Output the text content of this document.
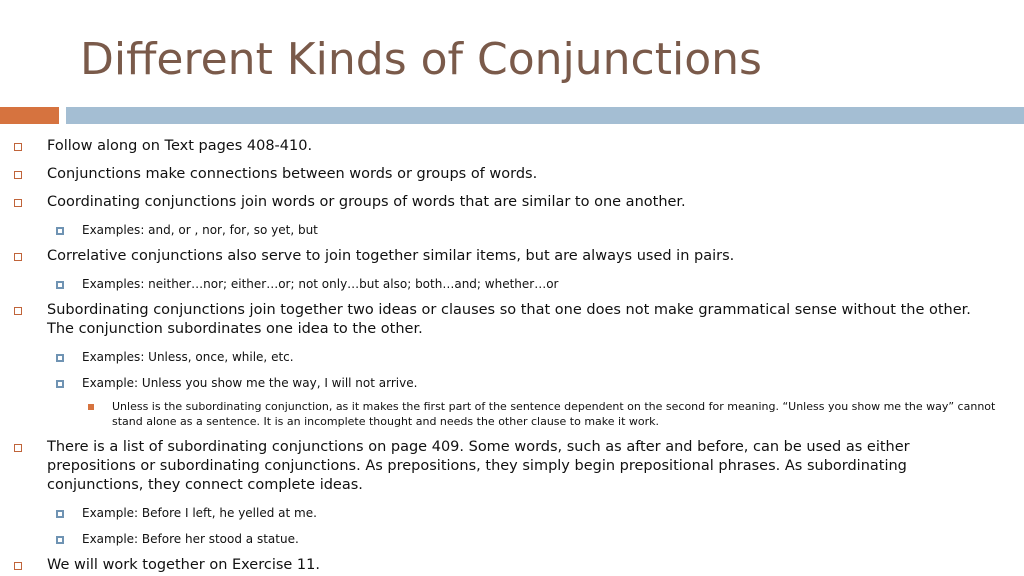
Different Kinds of Conjunctions
Follow along on Text pages 408-410.
Conjunctions make connections between words or groups of words.
Coordinating conjunctions join words or groups of words that are similar to one another.
Examples: and, or , nor, for, so yet, but
Correlative conjunctions also serve to join together similar items, but are always used in pairs.
Examples: neither…nor; either…or; not only…but also; both…and; whether…or
Subordinating conjunctions join together two ideas or clauses so that one does not make grammatical sense without the other. The conjunction subordinates one idea to the other.
Examples: Unless, once, while, etc.
Example: Unless you show me the way, I will not arrive.
Unless is the subordinating conjunction, as it makes the first part of the sentence dependent on the second for meaning. “Unless you show me the way” cannot stand alone as a sentence. It is an incomplete thought and needs the other clause to make it work.
There is a list of subordinating conjunctions on page 409. Some words, such as after and before, can be used as either prepositions or subordinating conjunctions. As prepositions, they simply begin prepositional phrases. As subordinating conjunctions, they connect complete ideas.
Example: Before I left, he yelled at me.
Example: Before her stood a statue.
We will work together on Exercise 11.
